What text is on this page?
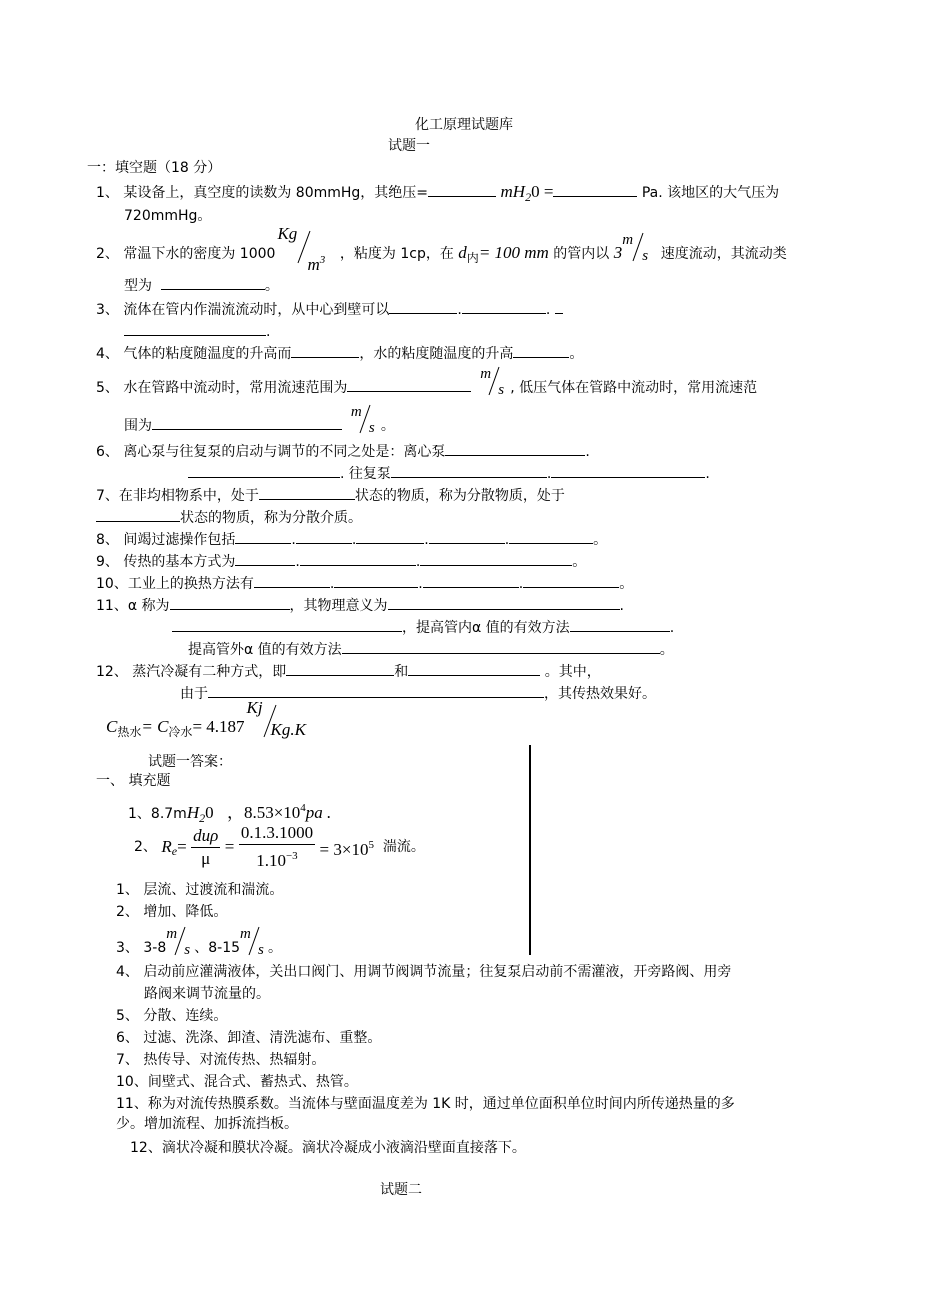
化工原理试题库
试题一
一：填空题（18 分）
1、 某设备上，真空度的读数为 80mmHg，其绝压=	mH20 =	Pa. 该地区的大气压为
720mmHg。
2、 常温下水的密度为 1000
Kg
$m^3$ ，粘度为 1cp，在 d内= 100 mm 的管内以 3
m
s 速度流动，其流动类
型为	。
3、 流体在管内作湍流流动时，从中心到壁可以	.	.
.
4、 气体的粘度随温度的升高而	，水的粘度随温度的升高	。
5、 水在管路中流动时，常用流速范围为
m
s , 低压气体在管路中流动时，常用流速范
围为
m
s 。
6、 离心泵与往复泵的启动与调节的不同之处是：离心泵	.
. 往复泵	.	.
7、在非均相物系中，处于	状态的物质，称为分散物质，处于
状态的物质，称为分散介质。
8、 间竭过滤操作包括	.	.	.	.	。
9、 传热的基本方式为	.	.	。
10、工业上的换热方法有	.	.	.	。
11、α 称为	，其物理意义为	.
，提高管内α 值的有效方法	.
提高管外α 值的有效方法	。
12、 蒸汽冷凝有二种方式，即	和	。其中，
由于	，其传热效果好。
C热水= C冷水= 4.187
Kj
Kg.K
试题一答案：
一、 填充题
1、8.7mH20 ，$8.53\times 10^4pa$ .
2、 $Re= \frac{\text{duρ}}{\mu} = \frac{0.1.3.1000}{1.10^{-3}} = 3\times 10^5$ 湍流。
1、 层流、过渡流和湍流。
2、 增加、降低。
3、 3-8
m
s 、8-15
m
s 。
4、 启动前应灌满液体，关出口阀门、用调节阀调节流量；往复泵启动前不需灌液，开旁路阀、用旁
路阀来调节流量的。
5、 分散、连续。
6、 过滤、洗涤、卸渣、清洗滤布、重整。
7、 热传导、对流传热、热辐射。
10、间壁式、混合式、蓄热式、热管。
11、称为对流传热膜系数。当流体与壁面温度差为 1K 时，通过单位面积单位时间内所传递热量的多
少。增加流程、加拆流挡板。
12、滴状冷凝和膜状冷凝。滴状冷凝成小液滴沿壁面直接落下。
试题二
